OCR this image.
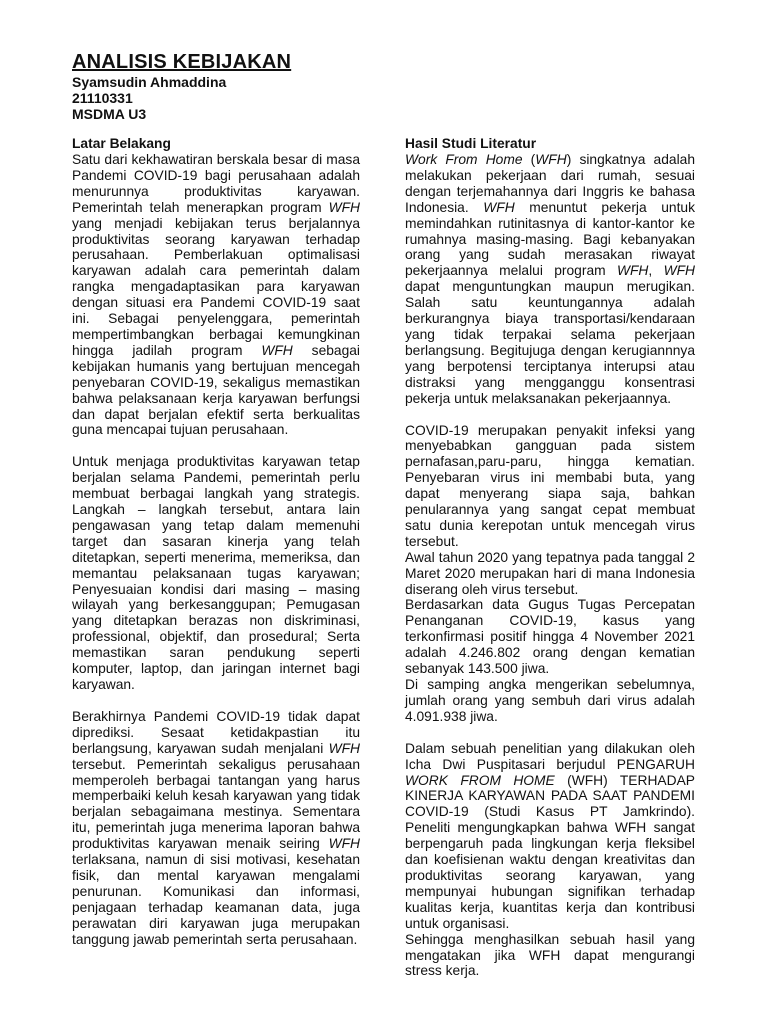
ANALISIS KEBIJAKAN

Syamsudin Ahmaddina

21110331

MSDMA U3

Latar Belakang

Satu dari kekhawatiran berskala besar di masa Pandemi COVID-19 bagi perusahaan adalah menurunnya produktivitas karyawan. Pemerintah telah menerapkan program WFH yang menjadi kebijakan terus berjalannya produktivitas seorang karyawan terhadap perusahaan. Pemberlakuan optimalisasi karyawan adalah cara pemerintah dalam rangka mengadaptasikan para karyawan dengan situasi era Pandemi COVID-19 saat ini. Sebagai penyelenggara, pemerintah mempertimbangkan berbagai kemungkinan hingga jadilah program WFH sebagai kebijakan humanis yang bertujuan mencegah penyebaran COVID-19, sekaligus memastikan bahwa pelaksanaan kerja karyawan berfungsi dan dapat berjalan efektif serta berkualitas guna mencapai tujuan perusahaan.

Untuk menjaga produktivitas karyawan tetap berjalan selama Pandemi, pemerintah perlu membuat berbagai langkah yang strategis. Langkah – langkah tersebut, antara lain pengawasan yang tetap dalam memenuhi target dan sasaran kinerja yang telah ditetapkan, seperti menerima, memeriksa, dan memantau pelaksanaan tugas karyawan; Penyesuaian kondisi dari masing – masing wilayah yang berkesanggupan; Pemugasan yang ditetapkan berazas non diskriminasi, professional, objektif, dan prosedural; Serta memastikan saran pendukung seperti komputer, laptop, dan jaringan internet bagi karyawan.

Berakhirnya Pandemi COVID-19 tidak dapat diprediksi. Sesaat ketidakpastian itu berlangsung, karyawan sudah menjalani WFH tersebut. Pemerintah sekaligus perusahaan memperoleh berbagai tantangan yang harus memperbaiki keluh kesah karyawan yang tidak berjalan sebagaimana mestinya. Sementara itu, pemerintah juga menerima laporan bahwa produktivitas karyawan menaik seiring WFH terlaksana, namun di sisi motivasi, kesehatan fisik, dan mental karyawan mengalami penurunan. Komunikasi dan informasi, penjagaan terhadap keamanan data, juga perawatan diri karyawan juga merupakan tanggung jawab pemerintah serta perusahaan.

Hasil Studi Literatur

Work From Home (WFH) singkatnya adalah melakukan pekerjaan dari rumah, sesuai dengan terjemahannya dari Inggris ke bahasa Indonesia. WFH menuntut pekerja untuk memindahkan rutinitasnya di kantor-kantor ke rumahnya masing-masing. Bagi kebanyakan orang yang sudah merasakan riwayat pekerjaannya melalui program WFH, WFH dapat menguntungkan maupun merugikan. Salah satu keuntungannya adalah berkurangnya biaya transportasi/kendaraan yang tidak terpakai selama pekerjaan berlangsung. Begitujuga dengan kerugiannnya yang berpotensi terciptanya interupsi atau distraksi yang mengganggu konsentrasi pekerja untuk melaksanakan pekerjaannya.

COVID-19 merupakan penyakit infeksi yang menyebabkan gangguan pada sistem pernafasan,paru-paru, hingga kematian. Penyebaran virus ini membabi buta, yang dapat menyerang siapa saja, bahkan penularannya yang sangat cepat membuat satu dunia kerepotan untuk mencegah virus tersebut.

Awal tahun 2020 yang tepatnya pada tanggal 2 Maret 2020 merupakan hari di mana Indonesia diserang oleh virus tersebut.

Berdasarkan data Gugus Tugas Percepatan Penanganan COVID-19, kasus yang terkonfirmasi positif hingga 4 November 2021 adalah 4.246.802 orang dengan kematian sebanyak 143.500 jiwa.

Di samping angka mengerikan sebelumnya, jumlah orang yang sembuh dari virus adalah 4.091.938 jiwa.

Dalam sebuah penelitian yang dilakukan oleh Icha Dwi Puspitasari berjudul PENGARUH WORK FROM HOME (WFH) TERHADAP KINERJA KARYAWAN PADA SAAT PANDEMI COVID-19 (Studi Kasus PT Jamkrindo). Peneliti mengungkapkan bahwa WFH sangat berpengaruh pada lingkungan kerja fleksibel dan koefisienan waktu dengan kreativitas dan produktivitas seorang karyawan, yang mempunyai hubungan signifikan terhadap kualitas kerja, kuantitas kerja dan kontribusi untuk organisasi.

Sehingga menghasilkan sebuah hasil yang mengatakan jika WFH dapat mengurangi stress kerja.
